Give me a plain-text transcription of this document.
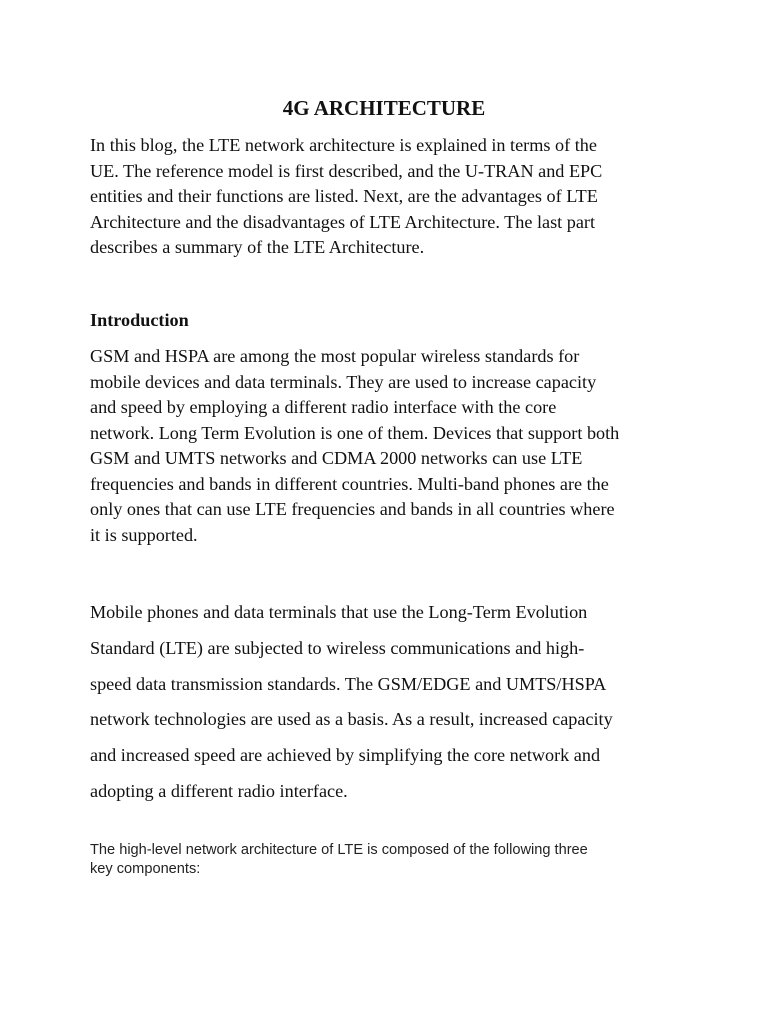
4G ARCHITECTURE

In this blog, the LTE network architecture is explained in terms of the
UE. The reference model is first described, and the U-TRAN and EPC
entities and their functions are listed. Next, are the advantages of LTE
Architecture and the disadvantages of LTE Architecture. The last part
describes a summary of the LTE Architecture.

Introduction

GSM and HSPA are among the most popular wireless standards for
mobile devices and data terminals. They are used to increase capacity
and speed by employing a different radio interface with the core
network. Long Term Evolution is one of them. Devices that support both
GSM and UMTS networks and CDMA 2000 networks can use LTE
frequencies and bands in different countries. Multi-band phones are the
only ones that can use LTE frequencies and bands in all countries where
it is supported.

Mobile phones and data terminals that use the Long-Term Evolution
Standard (LTE) are subjected to wireless communications and high-
speed data transmission standards. The GSM/EDGE and UMTS/HSPA
network technologies are used as a basis. As a result, increased capacity
and increased speed are achieved by simplifying the core network and
adopting a different radio interface.

The high-level network architecture of LTE is composed of the following three
key components:
